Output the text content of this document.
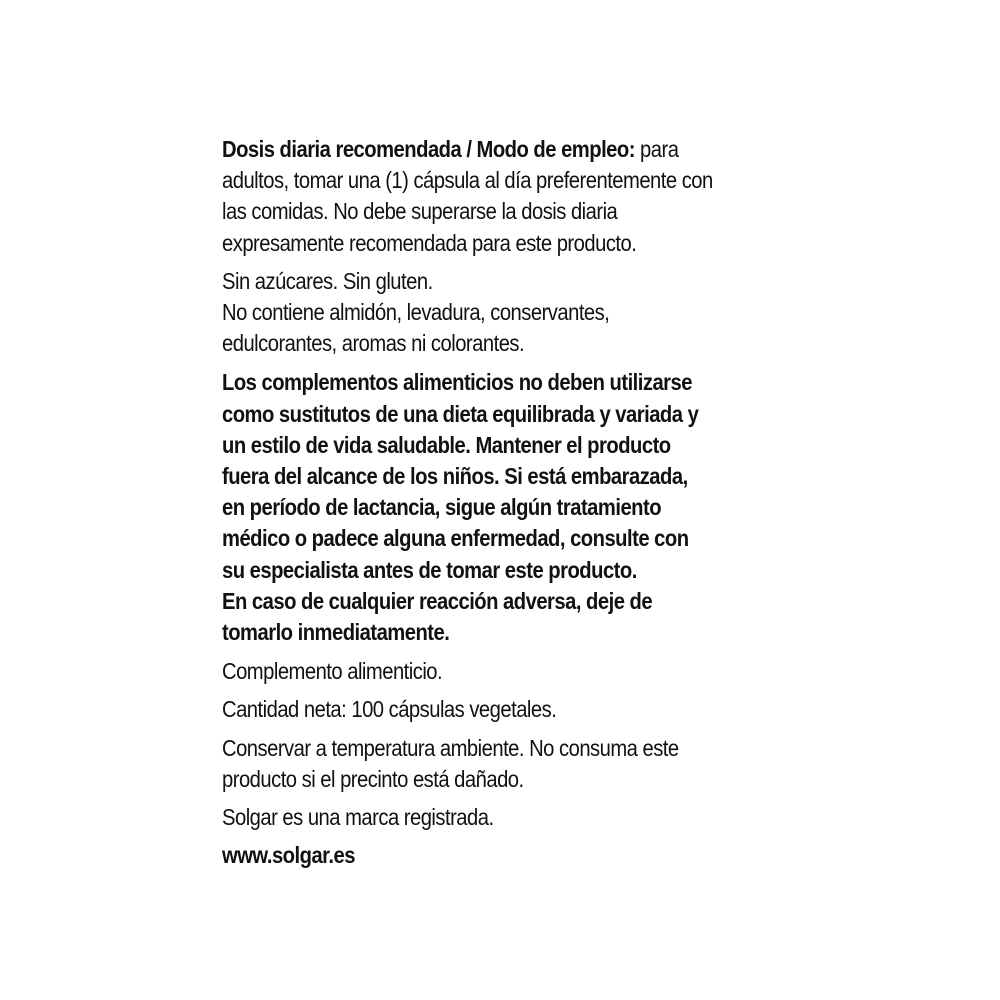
Dosis diaria recomendada / Modo de empleo: para

adultos, tomar una (1) cápsula al día preferentemente con

las comidas. No debe superarse la dosis diaria

expresamente recomendada para este producto.

Sin azúcares. Sin gluten.

No contiene almidón, levadura, conservantes,

edulcorantes, aromas ni colorantes.

Los complementos alimenticios no deben utilizarse

como sustitutos de una dieta equilibrada y variada y

un estilo de vida saludable. Mantener el producto

fuera del alcance de los niños. Si está embarazada,

en período de lactancia, sigue algún tratamiento

médico o padece alguna enfermedad, consulte con

su especialista antes de tomar este producto.

En caso de cualquier reacción adversa, deje de

tomarlo inmediatamente.

Complemento alimenticio.

Cantidad neta: 100 cápsulas vegetales.

Conservar a temperatura ambiente. No consuma este

producto si el precinto está dañado.

Solgar es una marca registrada.

www.solgar.es
